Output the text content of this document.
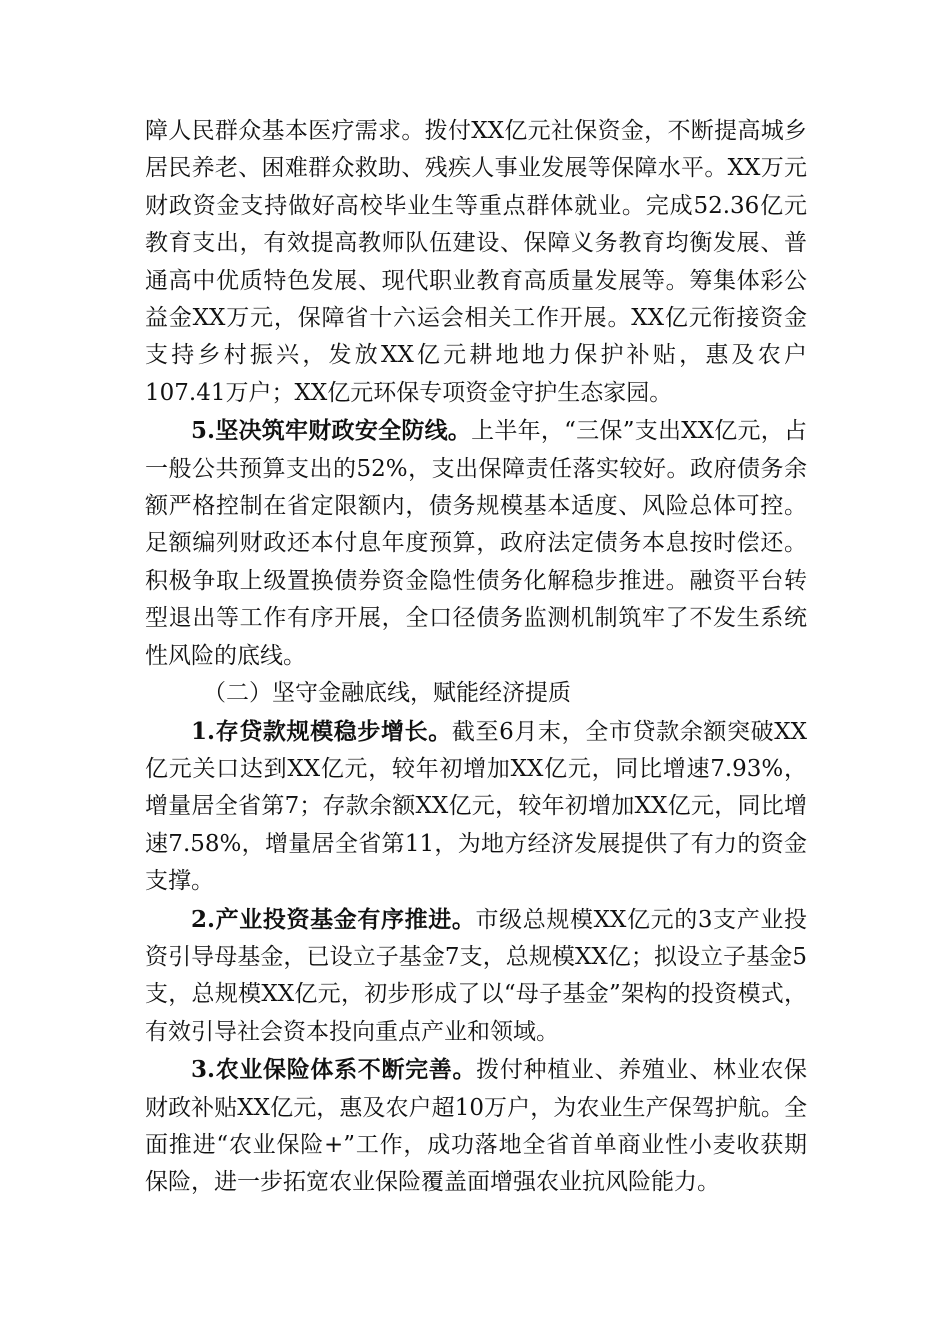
障人民群众基本医疗需求。拨付XX亿元社保资金，不断提高城乡居民养老、困难群众救助、残疾人事业发展等保障水平。XX万元财政资金支持做好高校毕业生等重点群体就业。完成52.36亿元教育支出，有效提高教师队伍建设、保障义务教育均衡发展、普通高中优质特色发展、现代职业教育高质量发展等。筹集体彩公益金XX万元，保障省十六运会相关工作开展。XX亿元衔接资金支持乡村振兴，发放XX亿元耕地地力保护补贴，惠及农户107.41万户；XX亿元环保专项资金守护生态家园。

5.坚决筑牢财政安全防线。上半年，“三保”支出XX亿元，占一般公共预算支出的52%，支出保障责任落实较好。政府债务余额严格控制在省定限额内，债务规模基本适度、风险总体可控。足额编列财政还本付息年度预算，政府法定债务本息按时偿还。积极争取上级置换债券资金隐性债务化解稳步推进。融资平台转型退出等工作有序开展，全口径债务监测机制筑牢了不发生系统性风险的底线。

（二）坚守金融底线，赋能经济提质

1.存贷款规模稳步增长。截至6月末，全市贷款余额突破XX亿元关口达到XX亿元，较年初增加XX亿元，同比增速7.93%，增量居全省第7；存款余额XX亿元，较年初增加XX亿元，同比增速7.58%，增量居全省第11，为地方经济发展提供了有力的资金支撑。

2.产业投资基金有序推进。市级总规模XX亿元的3支产业投资引导母基金，已设立子基金7支，总规模XX亿；拟设立子基金5支，总规模XX亿元，初步形成了以“母子基金”架构的投资模式，有效引导社会资本投向重点产业和领域。

3.农业保险体系不断完善。拨付种植业、养殖业、林业农保财政补贴XX亿元，惠及农户超10万户，为农业生产保驾护航。全面推进“农业保险+”工作，成功落地全省首单商业性小麦收获期保险，进一步拓宽农业保险覆盖面增强农业抗风险能力。
